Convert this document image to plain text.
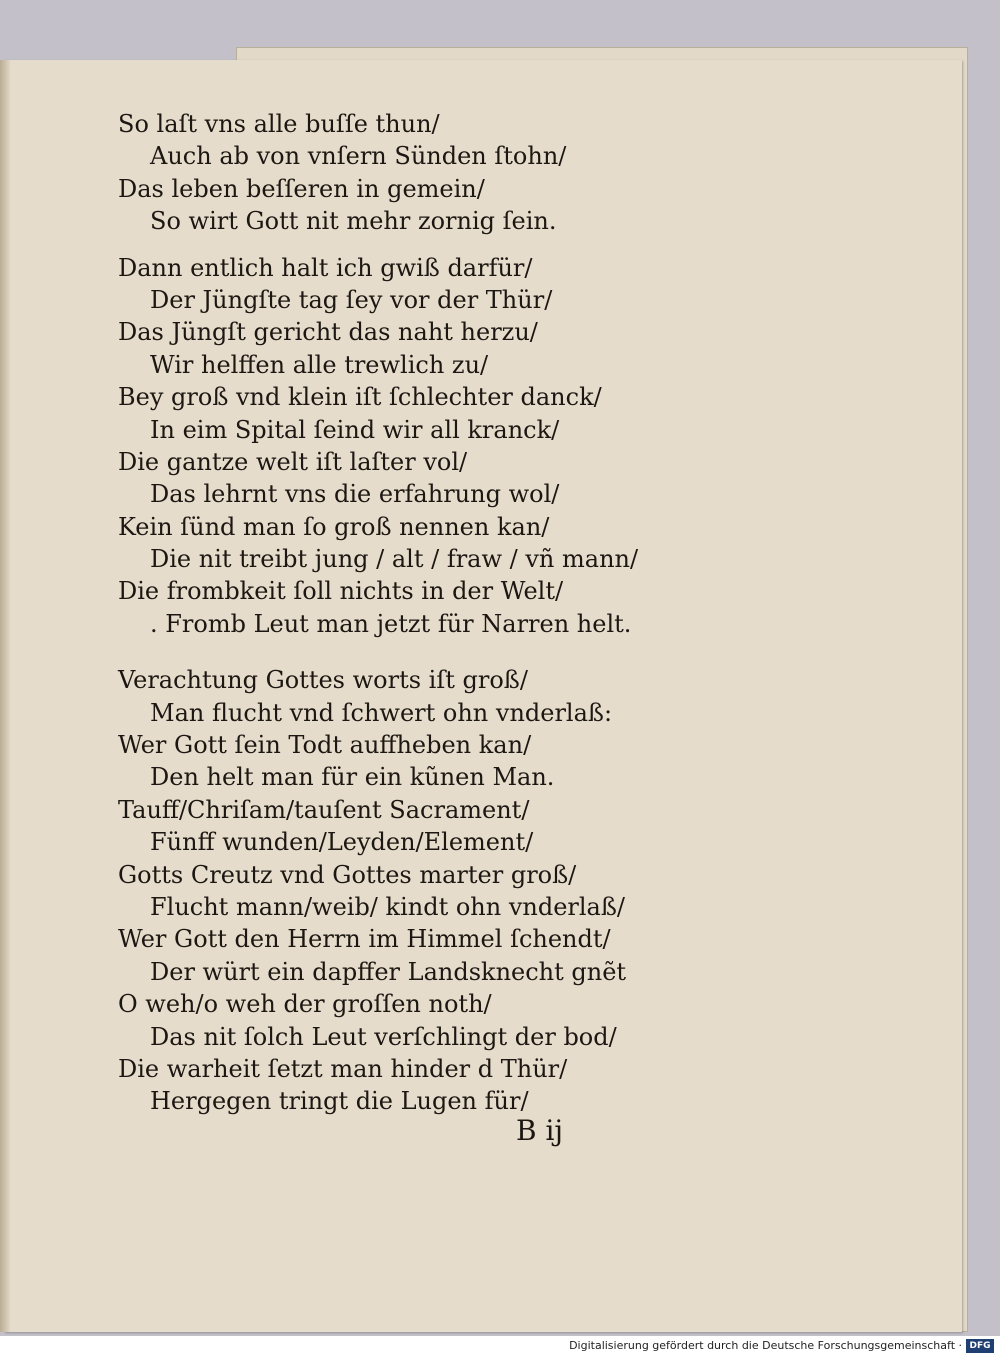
So laſt vns alle buſſe thun/
Auch ab von vnſern Sünden ſtohn/
Das leben beſſeren in gemein/
So wirt Gott nit mehr zornig ſein.
Dann entlich halt ich gwiß darfür/
Der Jüngſte tag ſey vor der Thür/
Das Jüngſt gericht das naht herzu/
Wir helffen alle trewlich zu/
Bey groß vnd klein iſt ſchlechter danck/
In eim Spital ſeind wir all kranck/
Die gantze welt iſt laſter vol/
Das lehrnt vns die erfahrung wol/
Kein ſünd man ſo groß nennen kan/
Die nit treibt jung / alt / fraw / vñ mann/
Die frombkeit ſoll nichts in der Welt/
. Fromb Leut man jetzt für Narren helt.
Verachtung Gottes worts iſt groß/
Man flucht vnd ſchwert ohn vnderlaß:
Wer Gott ſein Todt auffheben kan/
Den helt man für ein kũnen Man.
Tauff/Chriſam/tauſent Sacrament/
Fünff wunden/Leyden/Element/
Gotts Creutz vnd Gottes marter groß/
Flucht mann/weib/ kindt ohn vnderlaß/
Wer Gott den Herrn im Himmel ſchendt/
Der würt ein dapffer Landsknecht gnẽt
O weh/o weh der groſſen noth/
Das nit ſolch Leut verſchlingt der bod/
Die warheit ſetzt man hinder d Thür/
Hergegen tringt die Lugen für/
B ij
Digitalisierung gefördert durch die Deutsche Forschungsgemeinschaft · DFG
